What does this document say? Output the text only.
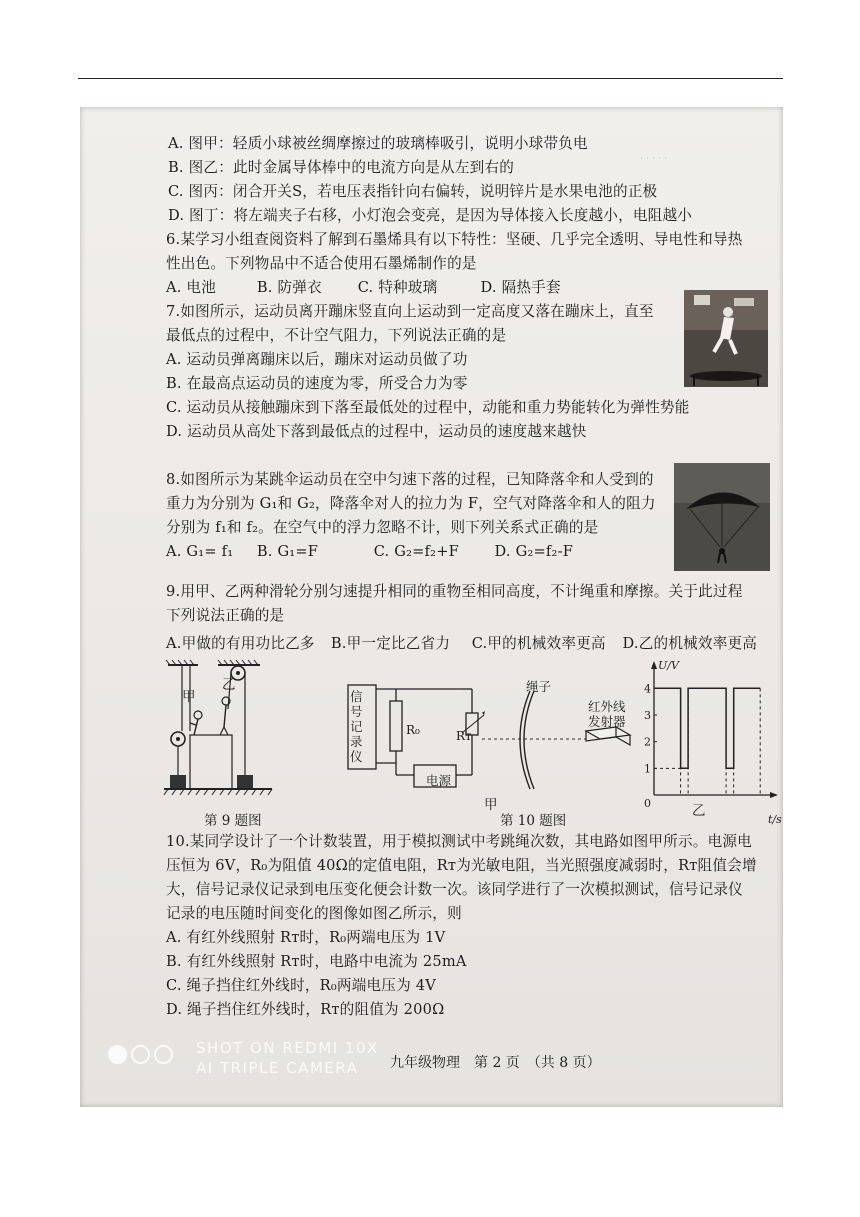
· · · · ·
A. 图甲：轻质小球被丝绸摩擦过的玻璃棒吸引，说明小球带负电
B. 图乙：此时金属导体棒中的电流方向是从左到右的
C. 图丙：闭合开关S，若电压表指针向右偏转，说明锌片是水果电池的正极
D. 图丁：将左端夹子右移，小灯泡会变亮，是因为导体接入长度越小，电阻越小
6.某学习小组查阅资料了解到石墨烯具有以下特性：坚硬、几乎完全透明、导电性和导热
性出色。下列物品中不适合使用石墨烯制作的是
A. 电池	B. 防弹衣 C. 特种玻璃	D. 隔热手套
7.如图所示，运动员离开蹦床竖直向上运动到一定高度又落在蹦床上，直至
最低点的过程中，不计空气阻力，下列说法正确的是
A. 运动员弹离蹦床以后，蹦床对运动员做了功
B. 在最高点运动员的速度为零，所受合力为零
C. 运动员从接触蹦床到下落至最低处的过程中，动能和重力势能转化为弹性势能
D. 运动员从高处下落到最低点的过程中，运动员的速度越来越快
8.如图所示为某跳伞运动员在空中匀速下落的过程，已知降落伞和人受到的
重力为分别为 G₁和 G₂，降落伞对人的拉力为 F，空气对降落伞和人的阻力
分别为 f₁和 f₂。在空气中的浮力忽略不计，则下列关系式正确的是
A. G₁= f₁ B. G₁=F	C. G₂=f₂+F D. G₂=f₂-F
9.用甲、乙两种滑轮分别匀速提升相同的重物至相同高度，不计绳重和摩擦。关于此过程
下列说法正确的是
A.甲做的有用功比乙多 B.甲一定比乙省力 C.甲的机械效率更高 D.乙的机械效率更高
甲
乙
第 9 题图
信号记录仪
R₀	Rт
电源
绳子
红外线
发射器
甲
第 10 题图
U/V
t/s
0
1
2
3
4
乙
10.某同学设计了一个计数装置，用于模拟测试中考跳绳次数，其电路如图甲所示。电源电
压恒为 6V，R₀为阻值 40Ω的定值电阻，Rт为光敏电阻，当光照强度减弱时，Rт阻值会增
大，信号记录仪记录到电压变化便会计数一次。该同学进行了一次模拟测试，信号记录仪
记录的电压随时间变化的图像如图乙所示，则
A. 有红外线照射 Rт时，R₀两端电压为 1V
B. 有红外线照射 Rт时，电路中电流为 25mA
C. 绳子挡住红外线时，R₀两端电压为 4V
D. 绳子挡住红外线时，Rт的阻值为 200Ω
SHOT ON REDMI 10X
AI TRIPLE CAMERA 九年级物理　第 2 页　（共 8 页）
